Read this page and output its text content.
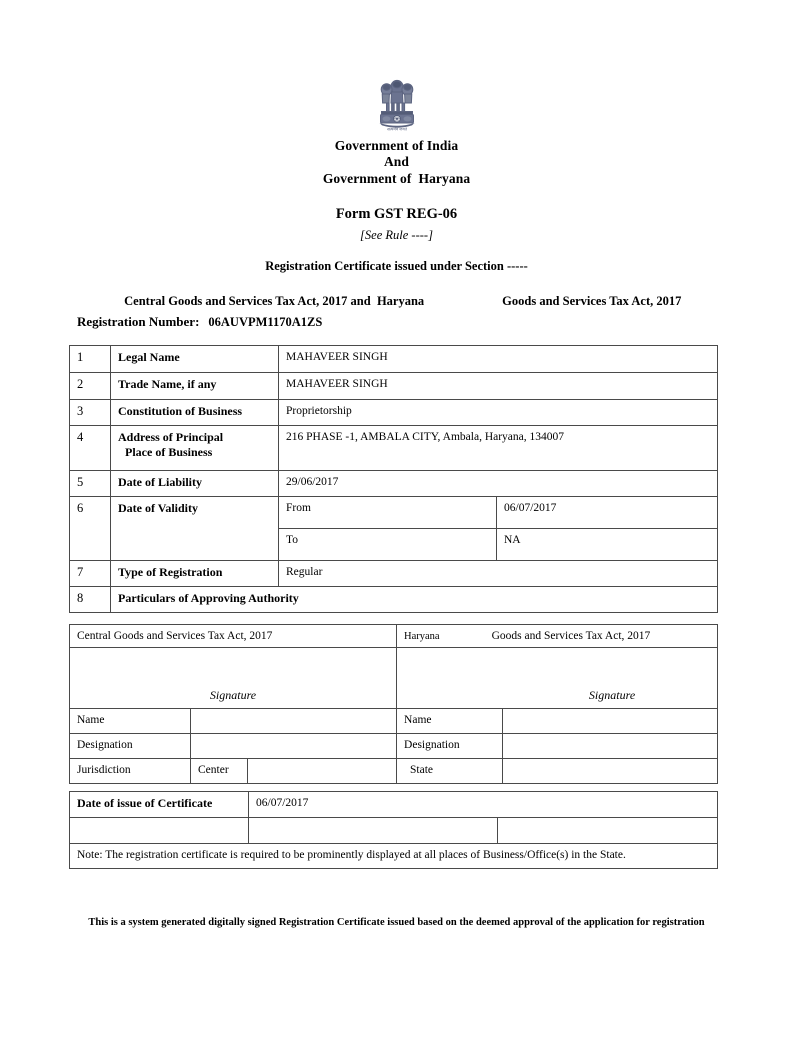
सत्यमेव जयते
Government of India
And
Government of Haryana
Form GST REG-06
[See Rule ----]
Registration Certificate issued under Section -----

Central Goods and Services Tax Act, 2017 and  Haryana	Goods and Services Tax Act, 2017

Registration Number: 06AUVPM1170A1ZS
1	Legal Name	MAHAVEER SINGH	
2	Trade Name, if any	MAHAVEER SINGH	
3	Constitution of Business	Proprietorship	
4	Address of Principal
Place of Business	216 PHASE -1, AMBALA CITY, Ambala, Haryana, 134007	
5	Date of Liability	29/06/2017	
6	Date of Validity	From	06/07/2017
		To	NA
7	Type of Registration	Regular	
8	Particulars of Approving Authority		
Central Goods and Services Tax Act, 2017			Haryana Goods and Services Tax Act, 2017	

Signature			Signature	

Name			Name	
Designation			Designation	
Jurisdiction	Center		State	
Date of issue of Certificate	06/07/2017	

Note: The registration certificate is required to be prominently displayed at all places of Business/Office(s) in the State.		
This is a system generated digitally signed Registration Certificate issued based on the deemed approval of the application for registration
